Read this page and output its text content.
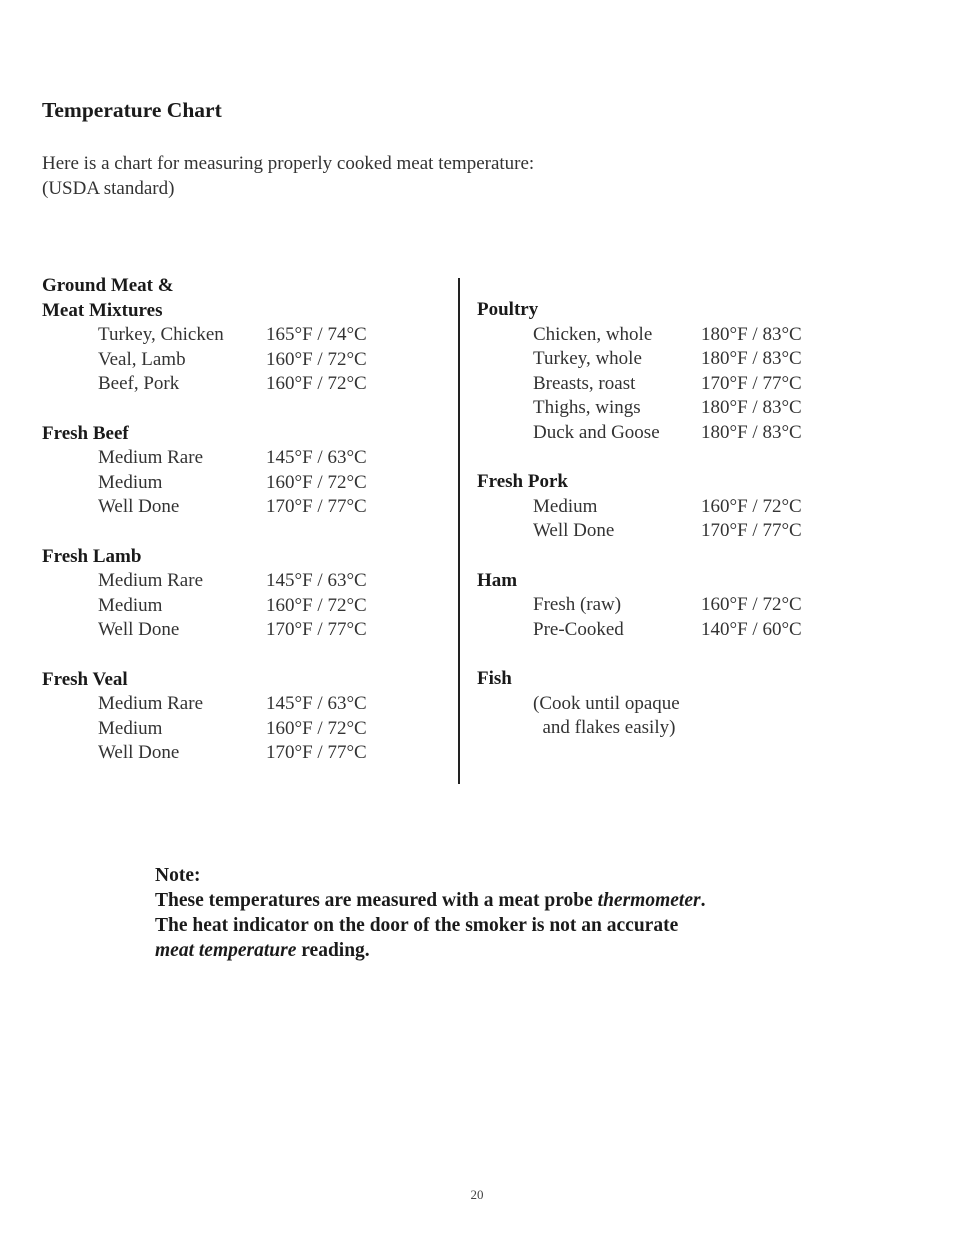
Temperature Chart
Here is a chart for measuring properly cooked meat temperature:
(USDA standard)
Ground Meat &
Meat Mixtures
Turkey, Chicken 165°F / 74°C
Veal, Lamb	160°F / 72°C
Beef, Pork	160°F / 72°C
Fresh Beef
Medium Rare	145°F / 63°C
Medium	160°F / 72°C
Well Done	170°F / 77°C
Fresh Lamb
Medium Rare	145°F / 63°C
Medium	160°F / 72°C
Well Done	170°F / 77°C
Fresh Veal
Medium Rare	145°F / 63°C
Medium	160°F / 72°C
Well Done	170°F / 77°C
Poultry
Chicken, whole	180°F / 83°C
Turkey, whole	180°F / 83°C
Breasts, roast	170°F / 77°C
Thighs, wings	180°F / 83°C
Duck and Goose 180°F / 83°C
Fresh Pork
Medium	160°F / 72°C
Well Done	170°F / 77°C
Ham
Fresh (raw)	160°F / 72°C
Pre-Cooked	140°F / 60°C
Fish
(Cook until opaque
and flakes easily)
Note:
These temperatures are measured with a meat probe thermometer.
The heat indicator on the door of the smoker is not an accurate
meat temperature reading.
20
